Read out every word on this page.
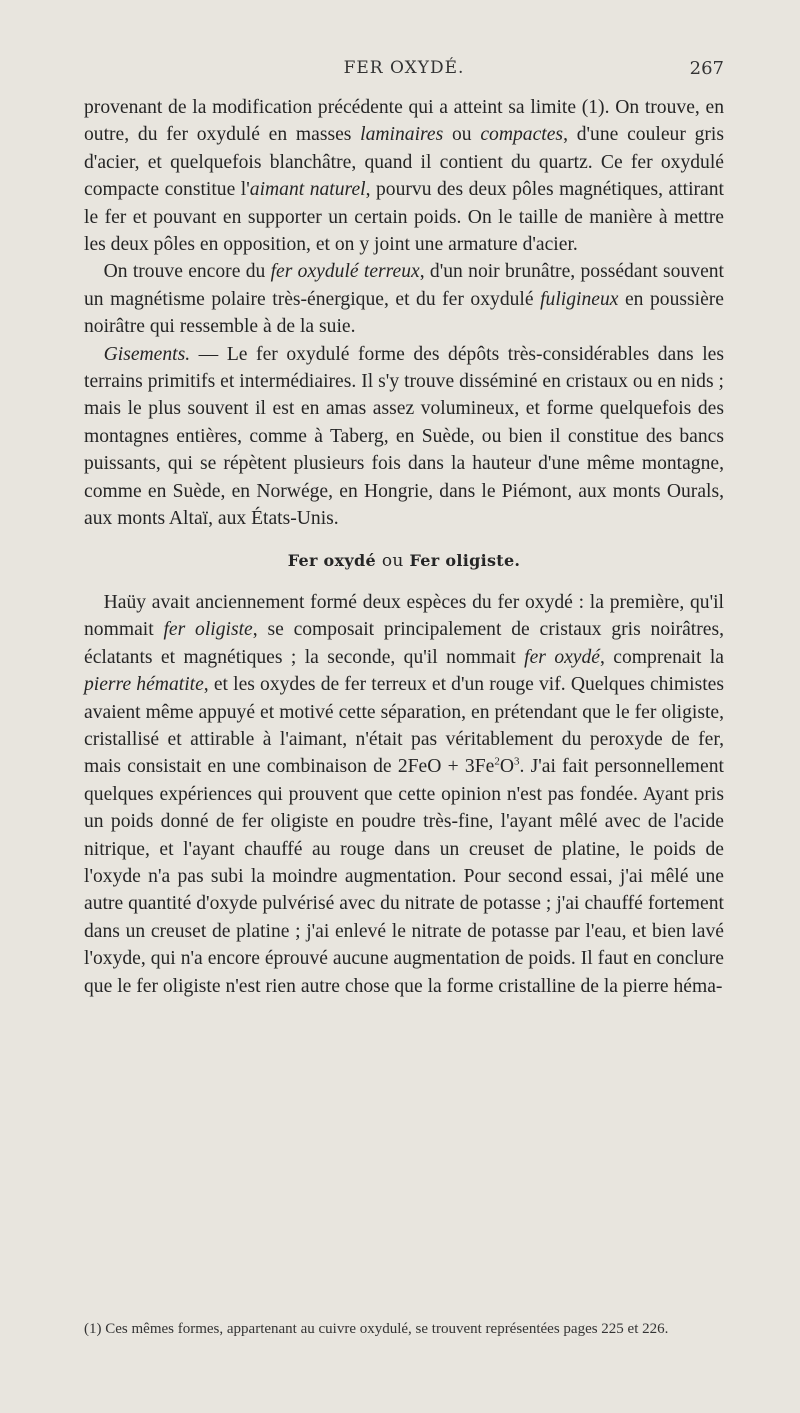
FER OXYDÉ.	267

provenant de la modification précédente qui a atteint sa limite (1). On trouve, en outre, du fer oxydulé en masses laminaires ou compactes, d'une couleur gris d'acier, et quelquefois blanchâtre, quand il contient du quartz. Ce fer oxydulé compacte constitue l'aimant naturel, pourvu des deux pôles magnétiques, attirant le fer et pouvant en supporter un certain poids. On le taille de manière à mettre les deux pôles en opposition, et on y joint une armature d'acier.

 On trouve encore du fer oxydulé terreux, d'un noir brunâtre, possédant souvent un magnétisme polaire très-énergique, et du fer oxydulé fuligineux en poussière noirâtre qui ressemble à de la suie.

 Gisements. — Le fer oxydulé forme des dépôts très-considérables dans les terrains primitifs et intermédiaires. Il s'y trouve disséminé en cristaux ou en nids ; mais le plus souvent il est en amas assez volumineux, et forme quelquefois des montagnes entières, comme à Taberg, en Suède, ou bien il constitue des bancs puissants, qui se répètent plusieurs fois dans la hauteur d'une même montagne, comme en Suède, en Norwége, en Hongrie, dans le Piémont, aux monts Ourals, aux monts Altaï, aux États-Unis.

Fer oxydé ou Fer oligiste.

 Haüy avait anciennement formé deux espèces du fer oxydé : la première, qu'il nommait fer oligiste, se composait principalement de cristaux gris noirâtres, éclatants et magnétiques ; la seconde, qu'il nommait fer oxydé, comprenait la pierre hématite, et les oxydes de fer terreux et d'un rouge vif. Quelques chimistes avaient même appuyé et motivé cette séparation, en prétendant que le fer oligiste, cristallisé et attirable à l'aimant, n'était pas véritablement du peroxyde de fer, mais consistait en une combinaison de $2FeO + 3Fe^2O^3$. J'ai fait personnellement quelques expériences qui prouvent que cette opinion n'est pas fondée. Ayant pris un poids donné de fer oligiste en poudre très-fine, l'ayant mêlé avec de l'acide nitrique, et l'ayant chauffé au rouge dans un creuset de platine, le poids de l'oxyde n'a pas subi la moindre augmentation. Pour second essai, j'ai mêlé une autre quantité d'oxyde pulvérisé avec du nitrate de potasse ; j'ai chauffé fortement dans un creuset de platine ; j'ai enlevé le nitrate de potasse par l'eau, et bien lavé l'oxyde, qui n'a encore éprouvé aucune augmentation de poids. Il faut en conclure que le fer oligiste n'est rien autre chose que la forme cristalline de la pierre héma-

(1) Ces mêmes formes, appartenant au cuivre oxydulé, se trouvent représentées pages 225 et 226.
